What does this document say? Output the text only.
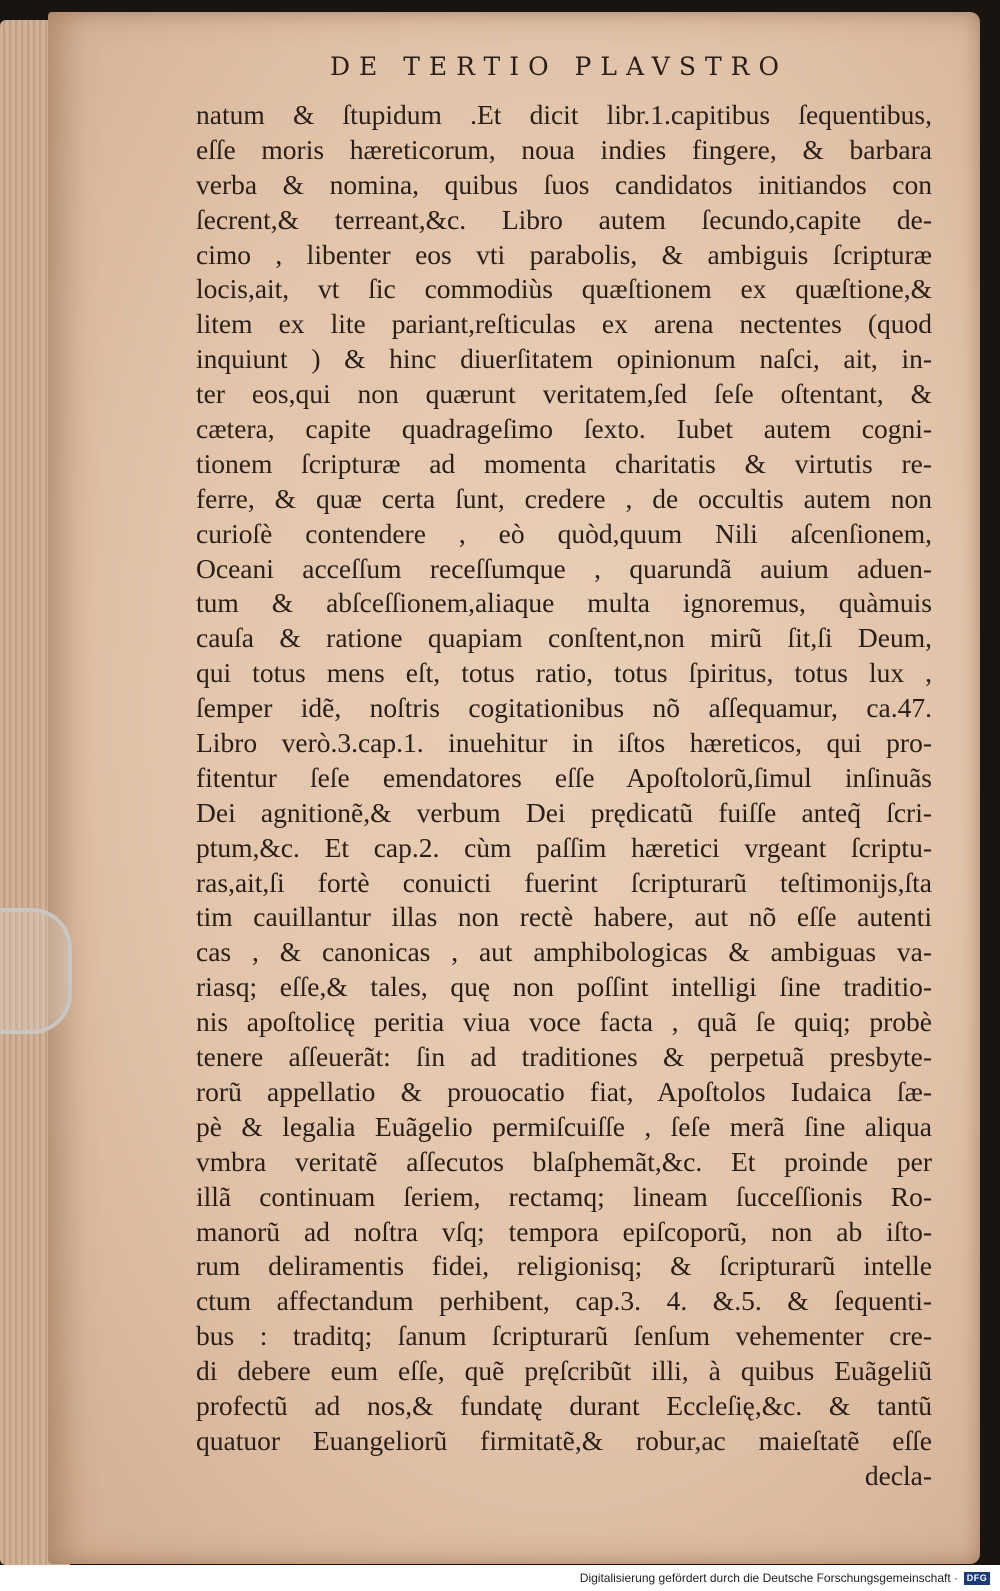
DE TERTIO PLAVSTRO
natum & ſtupidum .Et dicit libr.1.capitibus ſequentibus,
eſſe moris hæreticorum, noua indies fingere, & barbara
verba & nomina, quibus ſuos candidatos initiandos con
ſecrent,& terreant,&c. Libro autem ſecundo,capite de-
cimo , libenter eos vti parabolis, & ambiguis ſcripturæ
locis,ait, vt ſic commodiùs quæſtionem ex quæſtione,&
litem ex lite pariant,reſticulas ex arena nectentes (quod
inquiunt ) & hinc diuerſitatem opinionum naſci, ait, in-
ter eos,qui non quærunt veritatem,ſed ſeſe oſtentant, &
cætera, capite quadrageſimo ſexto. Iubet autem cogni-
tionem ſcripturæ ad momenta charitatis & virtutis re-
ferre, & quæ certa ſunt, credere , de occultis autem non
curioſè contendere , eò quòd,quum Nili aſcenſionem,
Oceani acceſſum receſſumque , quarundã auium aduen-
tum & abſceſſionem,aliaque multa ignoremus, quàmuis
cauſa & ratione quapiam conſtent,non mirũ ſit,ſi Deum,
qui totus mens eſt, totus ratio, totus ſpiritus, totus lux ,
ſemper idẽ, noſtris cogitationibus nõ aſſequamur, ca.47.
Libro verò.3.cap.1. inuehitur in iſtos hæreticos, qui pro-
fitentur ſeſe emendatores eſſe Apoſtolorũ,ſimul inſinuãs
Dei agnitionẽ,& verbum Dei prędicatũ fuiſſe anteq̃ ſcri-
ptum,&c. Et cap.2. cùm paſſim hæretici vrgeant ſcriptu-
ras,ait,ſi fortè conuicti fuerint ſcripturarũ teſtimonijs,ſta
tim cauillantur illas non rectè habere, aut nõ eſſe autenti
cas , & canonicas , aut amphibologicas & ambiguas va-
riasq; eſſe,& tales, quę non poſſint intelligi ſine traditio-
nis apoſtolicę peritia viua voce facta , quã ſe quiq; probè
tenere aſſeuerãt: ſin ad traditiones & perpetuã presbyte-
rorũ appellatio & prouocatio fiat, Apoſtolos Iudaica ſæ-
pè & legalia Euãgelio permiſcuiſſe , ſeſe merã ſine aliqua
vmbra veritatẽ aſſecutos blaſphemãt,&c. Et proinde per
illã continuam ſeriem, rectamq; lineam ſucceſſionis Ro-
manorũ ad noſtra vſq; tempora epiſcoporũ, non ab iſto-
rum deliramentis fidei, religionisq; & ſcripturarũ intelle
ctum affectandum perhibent, cap.3. 4. &.5. & ſequenti-
bus : traditq; ſanum ſcripturarũ ſenſum vehementer cre-
di debere eum eſſe, quẽ pręſcribũt illi, à quibus Euãgeliũ
profectũ ad nos,& fundatę durant Eccleſię,&c. & tantũ
quatuor Euangeliorũ firmitatẽ,& robur,ac maieſtatẽ eſſe
decla-
Digitalisierung gefördert durch die Deutsche Forschungsgemeinschaft · DFG
